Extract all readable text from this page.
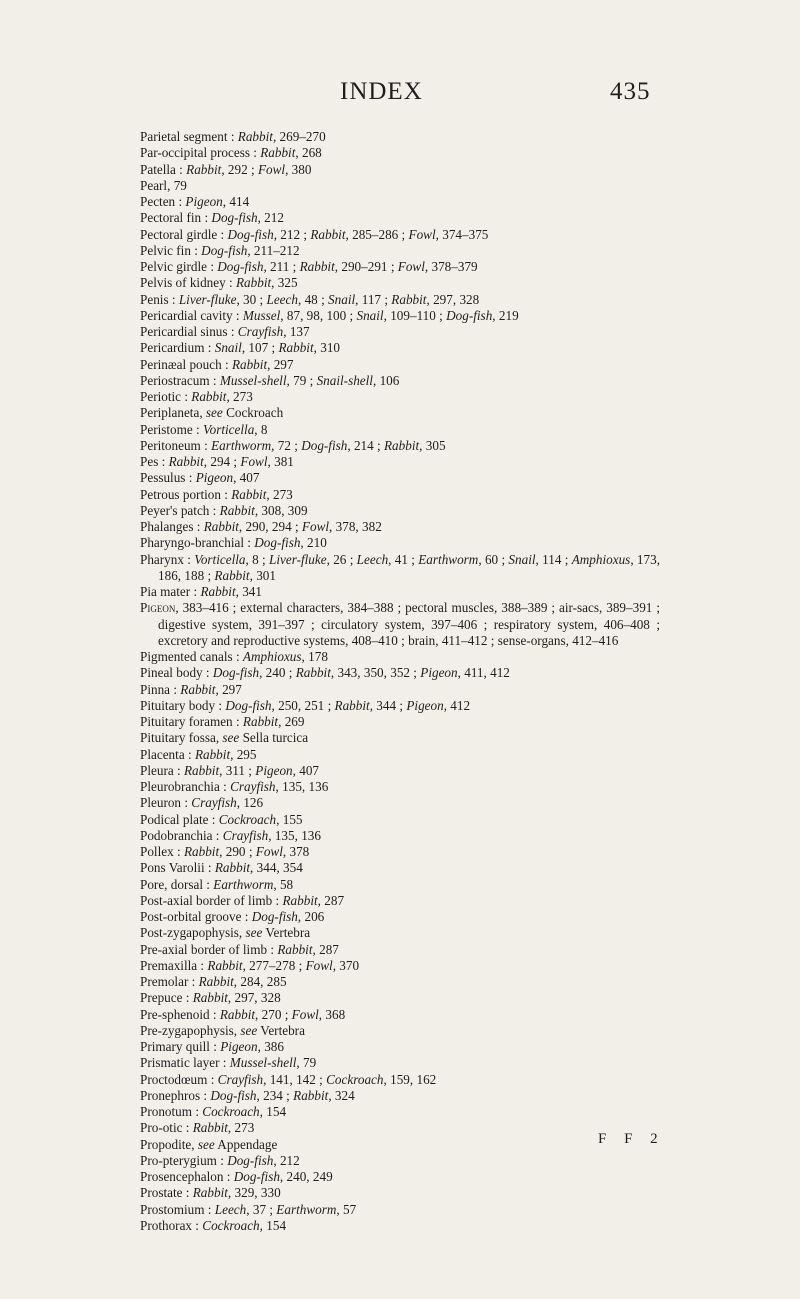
INDEX	435
Parietal segment : Rabbit, 269–270
Par-occipital process : Rabbit, 268
Patella : Rabbit, 292 ; Fowl, 380
Pearl, 79
Pecten : Pigeon, 414
Pectoral fin : Dog-fish, 212
Pectoral girdle : Dog-fish, 212 ; Rabbit, 285–286 ; Fowl, 374–375
Pelvic fin : Dog-fish, 211–212
Pelvic girdle : Dog-fish, 211 ; Rabbit, 290–291 ; Fowl, 378–379
Pelvis of kidney : Rabbit, 325
Penis : Liver-fluke, 30 ; Leech, 48 ; Snail, 117 ; Rabbit, 297, 328
Pericardial cavity : Mussel, 87, 98, 100 ; Snail, 109–110 ; Dog-fish, 219
Pericardial sinus : Crayfish, 137
Pericardium : Snail, 107 ; Rabbit, 310
Perinæal pouch : Rabbit, 297
Periostracum : Mussel-shell, 79 ; Snail-shell, 106
Periotic : Rabbit, 273
Periplaneta, see Cockroach
Peristome : Vorticella, 8
Peritoneum : Earthworm, 72 ; Dog-fish, 214 ; Rabbit, 305
Pes : Rabbit, 294 ; Fowl, 381
Pessulus : Pigeon, 407
Petrous portion : Rabbit, 273
Peyer's patch : Rabbit, 308, 309
Phalanges : Rabbit, 290, 294 ; Fowl, 378, 382
Pharyngo-branchial : Dog-fish, 210
Pharynx : Vorticella, 8 ; Liver-fluke, 26 ; Leech, 41 ; Earthworm, 60 ; Snail, 114 ; Amphioxus, 173, 186, 188 ; Rabbit, 301
Pia mater : Rabbit, 341
Pigeon, 383–416 ; external characters, 384–388 ; pectoral muscles, 388–389 ; air-sacs, 389–391 ; digestive system, 391–397 ; circulatory system, 397–406 ; respiratory system, 406–408 ; excretory and reproductive systems, 408–410 ; brain, 411–412 ; sense-organs, 412–416
Pigmented canals : Amphioxus, 178
Pineal body : Dog-fish, 240 ; Rabbit, 343, 350, 352 ; Pigeon, 411, 412
Pinna : Rabbit, 297
Pituitary body : Dog-fish, 250, 251 ; Rabbit, 344 ; Pigeon, 412
Pituitary foramen : Rabbit, 269
Pituitary fossa, see Sella turcica
Placenta : Rabbit, 295
Pleura : Rabbit, 311 ; Pigeon, 407
Pleurobranchia : Crayfish, 135, 136
Pleuron : Crayfish, 126
Podical plate : Cockroach, 155
Podobranchia : Crayfish, 135, 136
Pollex : Rabbit, 290 ; Fowl, 378
Pons Varolii : Rabbit, 344, 354
Pore, dorsal : Earthworm, 58
Post-axial border of limb : Rabbit, 287
Post-orbital groove : Dog-fish, 206
Post-zygapophysis, see Vertebra
Pre-axial border of limb : Rabbit, 287
Premaxilla : Rabbit, 277–278 ; Fowl, 370
Premolar : Rabbit, 284, 285
Prepuce : Rabbit, 297, 328
Pre-sphenoid : Rabbit, 270 ; Fowl, 368
Pre-zygapophysis, see Vertebra
Primary quill : Pigeon, 386
Prismatic layer : Mussel-shell, 79
Proctodœum : Crayfish, 141, 142 ; Cockroach, 159, 162
Pronephros : Dog-fish, 234 ; Rabbit, 324
Pronotum : Cockroach, 154
Pro-otic : Rabbit, 273
Propodite, see Appendage
Pro-pterygium : Dog-fish, 212
Prosencephalon : Dog-fish, 240, 249
Prostate : Rabbit, 329, 330
Prostomium : Leech, 37 ; Earthworm, 57
Prothorax : Cockroach, 154
F F 2
